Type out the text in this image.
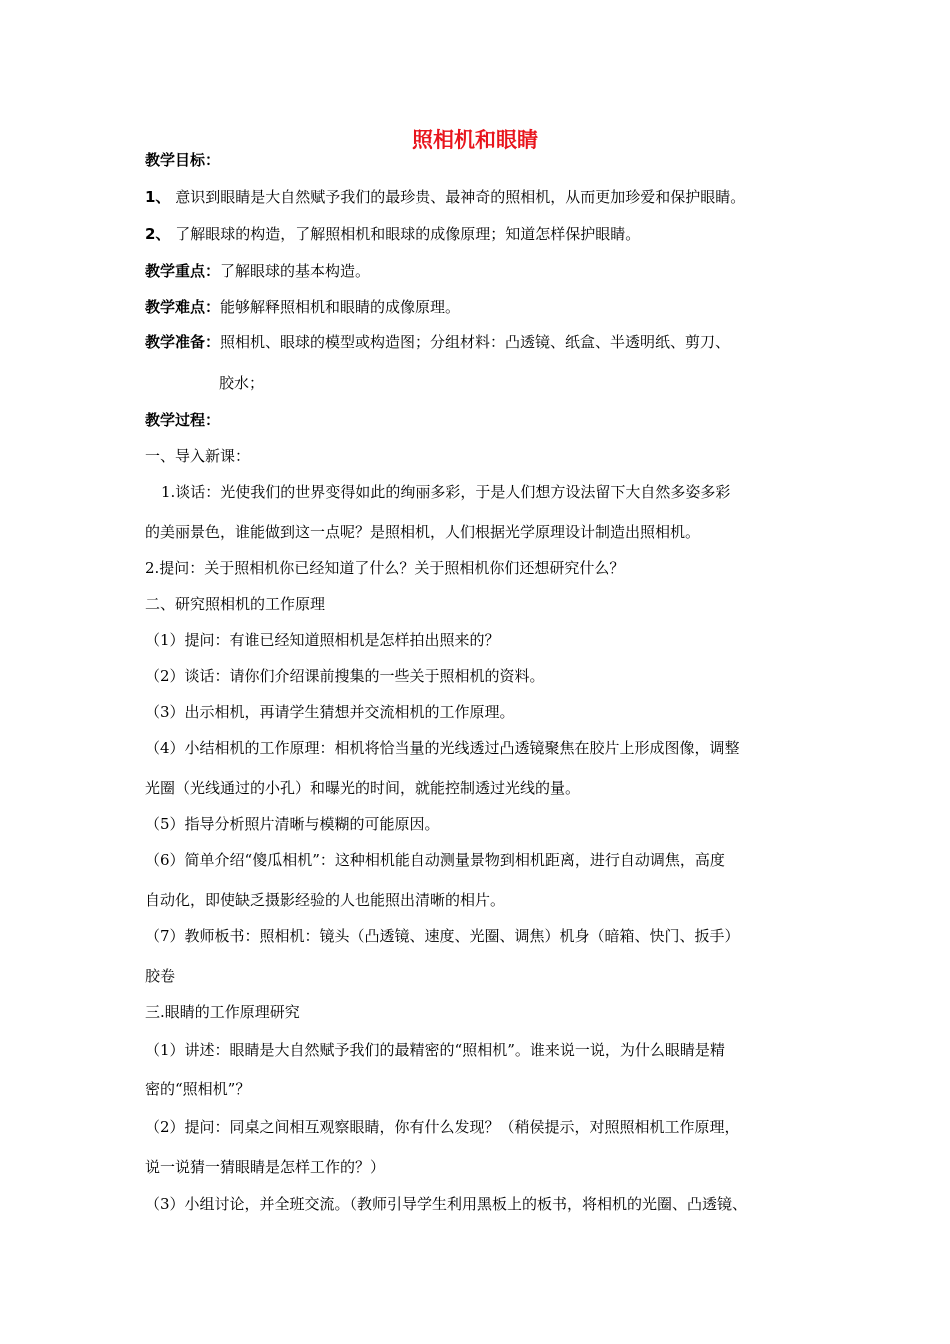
照相机和眼睛
教学目标：
1、 意识到眼睛是大自然赋予我们的最珍贵、最神奇的照相机，从而更加珍爱和保护眼睛。
2、 了解眼球的构造，了解照相机和眼球的成像原理；知道怎样保护眼睛。
教学重点：了解眼球的基本构造。
教学难点：能够解释照相机和眼睛的成像原理。
教学准备：照相机、眼球的模型或构造图；分组材料：凸透镜、纸盒、半透明纸、剪刀、
胶水；
教学过程：
一、导入新课：
1.谈话：光使我们的世界变得如此的绚丽多彩，于是人们想方设法留下大自然多姿多彩
的美丽景色，谁能做到这一点呢？是照相机，人们根据光学原理设计制造出照相机。
2.提问：关于照相机你已经知道了什么？关于照相机你们还想研究什么？
二、研究照相机的工作原理
（1）提问：有谁已经知道照相机是怎样拍出照来的？
（2）谈话：请你们介绍课前搜集的一些关于照相机的资料。
（3）出示相机，再请学生猜想并交流相机的工作原理。
（4）小结相机的工作原理：相机将恰当量的光线透过凸透镜聚焦在胶片上形成图像，调整
光圈（光线通过的小孔）和曝光的时间，就能控制透过光线的量。
（5）指导分析照片清晰与模糊的可能原因。
（6）简单介绍“傻瓜相机”：这种相机能自动测量景物到相机距离，进行自动调焦，高度
自动化，即使缺乏摄影经验的人也能照出清晰的相片。
（7）教师板书：照相机：镜头（凸透镜、速度、光圈、调焦）机身（暗箱、快门、扳手）
胶卷
三.眼睛的工作原理研究
（1）讲述：眼睛是大自然赋予我们的最精密的“照相机”。谁来说一说，为什么眼睛是精
密的“照相机”？
（2）提问：同桌之间相互观察眼睛，你有什么发现？（稍侯提示，对照照相机工作原理，
说一说猜一猜眼睛是怎样工作的？）
（3）小组讨论，并全班交流。（教师引导学生利用黑板上的板书，将相机的光圈、凸透镜、
